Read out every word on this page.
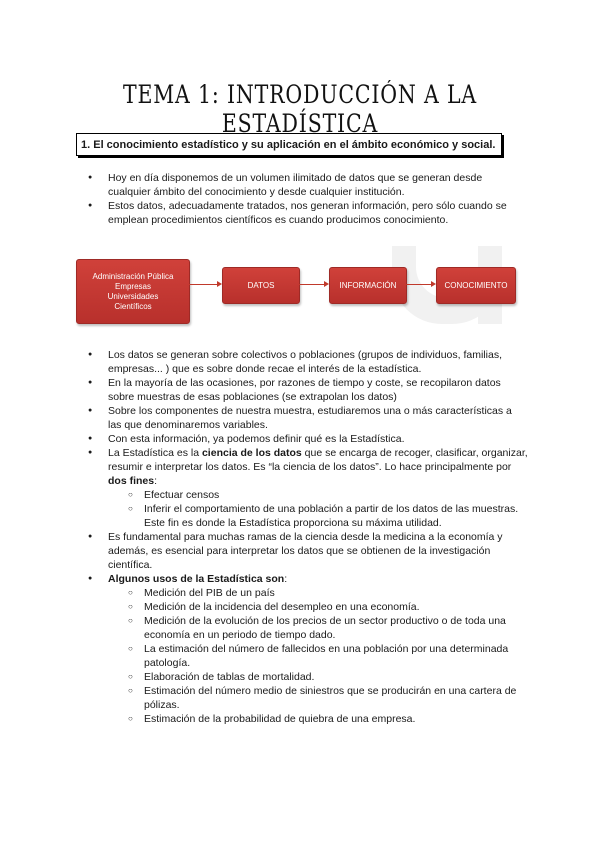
TEMA 1: INTRODUCCIÓN A LA ESTADÍSTICA
1. El conocimiento estadístico y su aplicación en el ámbito económico y social.
● Hoy en día disponemos de un volumen ilimitado de datos que se generan desde cualquier ámbito del conocimiento y desde cualquier institución.
● Estos datos, adecuadamente tratados, nos generan información, pero sólo cuando se emplean procedimientos científicos es cuando producimos conocimiento.
Administración Pública
Empresas
Universidades
Científicos
DATOS	INFORMACIÓN	CONOCIMIENTO
● Los datos se generan sobre colectivos o poblaciones (grupos de individuos, familias, empresas... ) que es sobre donde recae el interés de la estadística.
● En la mayoría de las ocasiones, por razones de tiempo y coste, se recopilaron datos sobre muestras de esas poblaciones (se extrapolan los datos)
● Sobre los componentes de nuestra muestra, estudiaremos una o más características a las que denominaremos variables.
● Con esta información, ya podemos definir qué es la Estadística.
● La Estadística es la ciencia de los datos que se encarga de recoger, clasificar, organizar, resumir e interpretar los datos. Es “la ciencia de los datos”. Lo hace principalmente por dos fines:
○ Efectuar censos
○ Inferir el comportamiento de una población a partir de los datos de las muestras. Este fin es donde la Estadística proporciona su máxima utilidad.
● Es fundamental para muchas ramas de la ciencia desde la medicina a la economía y además, es esencial para interpretar los datos que se obtienen de la investigación científica.
● Algunos usos de la Estadística son:
○ Medición del PIB de un país
○ Medición de la incidencia del desempleo en una economía.
○ Medición de la evolución de los precios de un sector productivo o de toda una economía en un periodo de tiempo dado.
○ La estimación del número de fallecidos en una población por una determinada patología.
○ Elaboración de tablas de mortalidad.
○ Estimación del número medio de siniestros que se producirán en una cartera de pólizas.
○ Estimación de la probabilidad de quiebra de una empresa.
